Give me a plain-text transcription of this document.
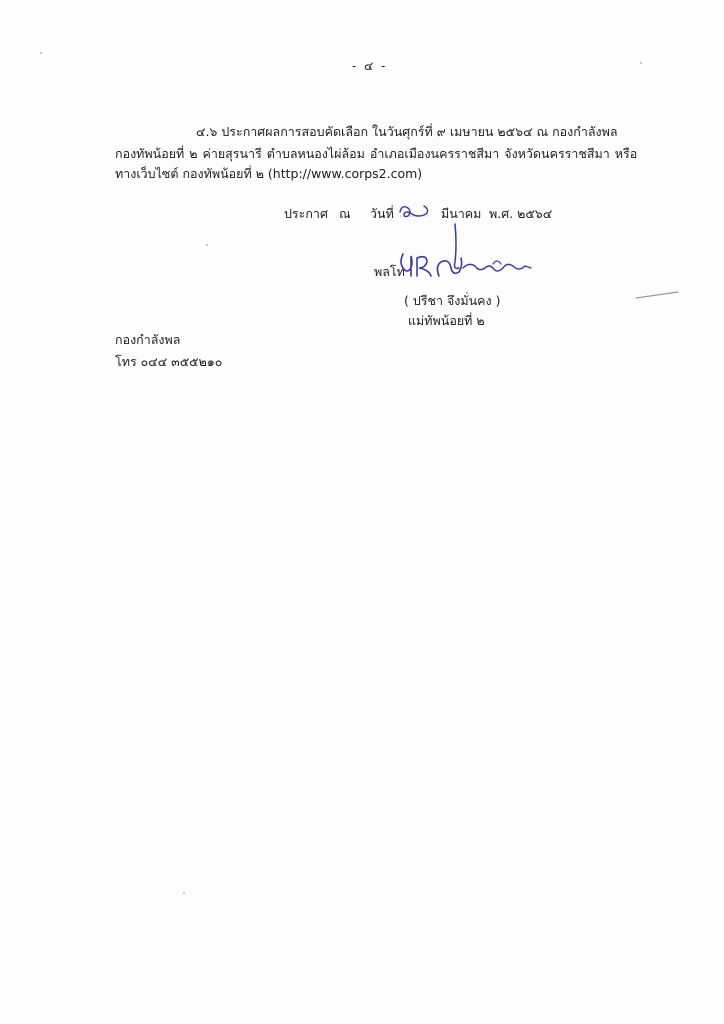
- ๔ -
๔.๖ ประกาศผลการสอบคัดเลือก ในวันศุกร์ที่ ๙ เมษายน ๒๕๖๔ ณ กองกำลังพล
กองทัพน้อยที่ ๒ ค่ายสุรนารี ตำบลหนองไผ่ล้อม อำเภอเมืองนครราชสีมา จังหวัดนครราชสีมา หรือ
ทางเว็บไซต์ กองทัพน้อยที่ ๒ (http://www.corps2.com)
ประกาศ ณ วันที่	มีนาคม พ.ศ. ๒๕๖๔
พลโท
( ปรีชา จึงมั่นคง )
แม่ทัพน้อยที่ ๒
กองกำลังพล
โทร ๐๔๔ ๓๕๕๒๑๐
